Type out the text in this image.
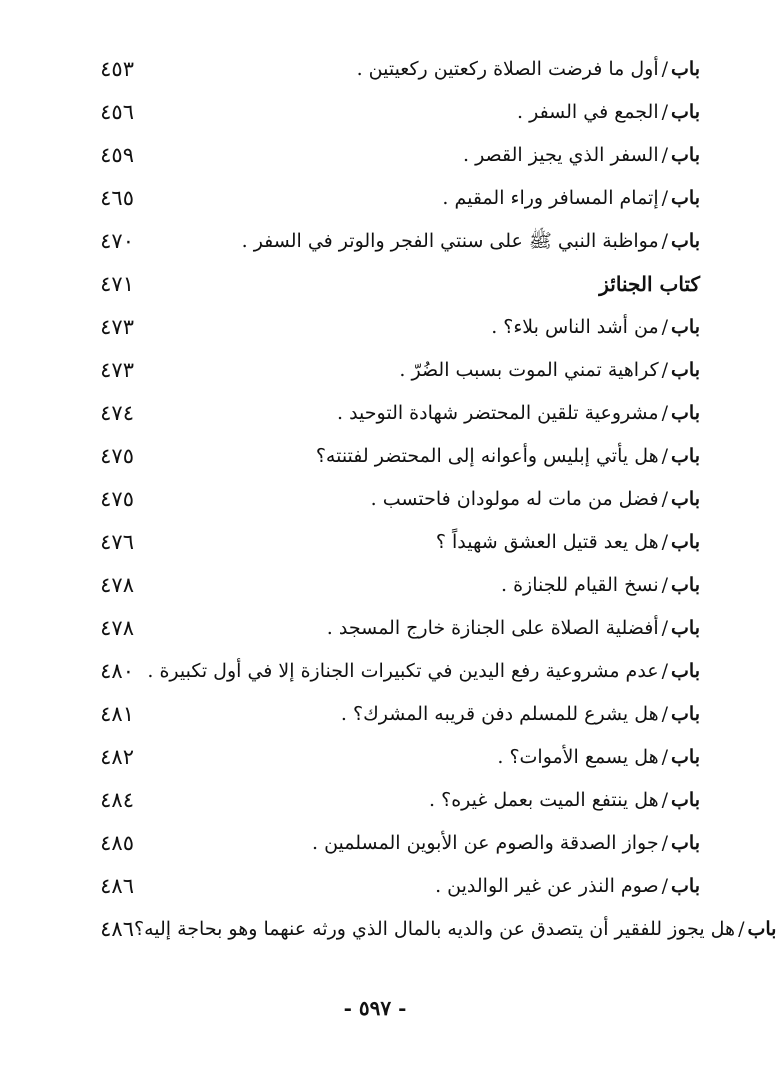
٤٥٣	باب/أول ما فرضت الصلاة ركعتين ركعيتين .
٤٥٦	باب/الجمع في السفر .
٤٥٩	باب/السفر الذي يجيز القصر .
٤٦٥	باب/إتمام المسافر وراء المقيم .
٤٧٠	باب/مواظبة النبي ﷺ على سنتي الفجر والوتر في السفر .
٤٧١	كتاب الجنائز
٤٧٣	باب/من أشد الناس بلاء؟ .
٤٧٣	باب/كراهية تمني الموت بسبب الضُرّ .
٤٧٤	باب/مشروعية تلقين المحتضر شهادة التوحيد .
٤٧٥	باب/هل يأتي إبليس وأعوانه إلى المحتضر لفتنته؟
٤٧٥	باب/فضل من مات له مولودان فاحتسب .
٤٧٦	باب/هل يعد قتيل العشق شهيداً ؟
٤٧٨	باب/نسخ القيام للجنازة .
٤٧٨	باب/أفضلية الصلاة على الجنازة خارج المسجد .
٤٨٠	باب/عدم مشروعية رفع اليدين في تكبيرات الجنازة إلا في أول تكبيرة .
٤٨١	باب/هل يشرع للمسلم دفن قريبه المشرك؟ .
٤٨٢	باب/هل يسمع الأموات؟ .
٤٨٤	باب/هل ينتفع الميت بعمل غيره؟ .
٤٨٥	باب/جواز الصدقة والصوم عن الأبوين المسلمين .
٤٨٦	باب/صوم النذر عن غير الوالدين .
٤٨٦	باب/هل يجوز للفقير أن يتصدق عن والديه بالمال الذي ورثه عنهما وهو بحاجة إليه؟
- ٥٩٧ -
